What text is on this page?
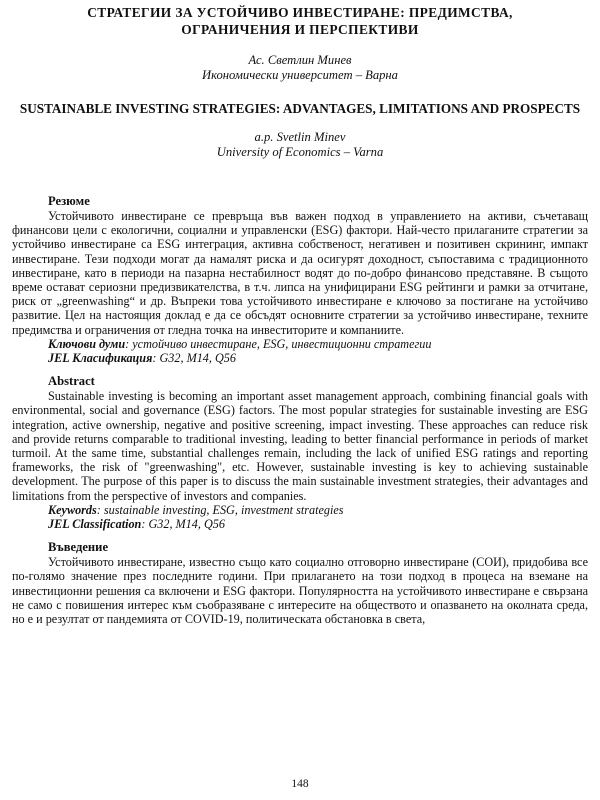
СТРАТЕГИИ ЗА УСТОЙЧИВО ИНВЕСТИРАНЕ: ПРЕДИМСТВА,
ОГРАНИЧЕНИЯ И ПЕРСПЕКТИВИ
Ас. Светлин Минев
Икономически университет – Варна
SUSTAINABLE INVESTING STRATEGIES: ADVANTAGES, LIMITATIONS AND PROSPECTS
a.p. Svetlin Minev
University of Economics – Varna
Резюме

Устойчивото инвестиране се превръща във важен подход в управлението на активи, съчетаващ финансови цели с екологични, социални и управленски (ESG) фактори. Най-често прилаганите стратегии за устойчиво инвестиране са ESG интеграция, активна собственост, негативен и позитивен скрининг, импакт инвестиране. Тези подходи могат да намалят риска и да осигурят доходност, съпоставима с традиционното инвестиране, като в периоди на пазарна нестабилност водят до по-добро финансово представяне. В същото време остават сериозни предизвикателства, в т.ч. липса на унифицирани ESG рейтинги и рамки за отчитане, риск от „greenwashing“ и др. Въпреки това устойчивото инвестиране е ключово за постигане на устойчиво развитие. Цел на настоящия доклад е да се обсъдят основните стратегии за устойчиво инвестиране, техните предимства и ограничения от гледна точка на инвеститорите и компаниите.

Ключови думи: устойчиво инвестиране, ESG, инвестиционни стратегии
JEL Класификация: G32, M14, Q56
Abstract

Sustainable investing is becoming an important asset management approach, combining financial goals with environmental, social and governance (ESG) factors. The most popular strategies for sustainable investing are ESG integration, active ownership, negative and positive screening, impact investing. These approaches can reduce risk and provide returns comparable to traditional investing, leading to better financial performance in periods of market turmoil. At the same time, substantial challenges remain, including the lack of unified ESG ratings and reporting frameworks, the risk of "greenwashing", etc. However, sustainable investing is key to achieving sustainable development. The purpose of this paper is to discuss the main sustainable investment strategies, their advantages and limitations from the perspective of investors and companies.

Keywords: sustainable investing, ESG, investment strategies
JEL Classification: G32, M14, Q56
Въведение

Устойчивото инвестиране, известно също като социално отговорно инвестиране (СОИ), придобива все по-голямо значение през последните години. При прилагането на този подход в процеса на вземане на инвестиционни решения са включени и ESG фактори. Популярността на устойчивото инвестиране е свързана не само с повишения интерес към съобразяване с интересите на обществото и опазването на околната среда, но е и резултат от пандемията от COVID-19, политическата обстановка в света,

148
